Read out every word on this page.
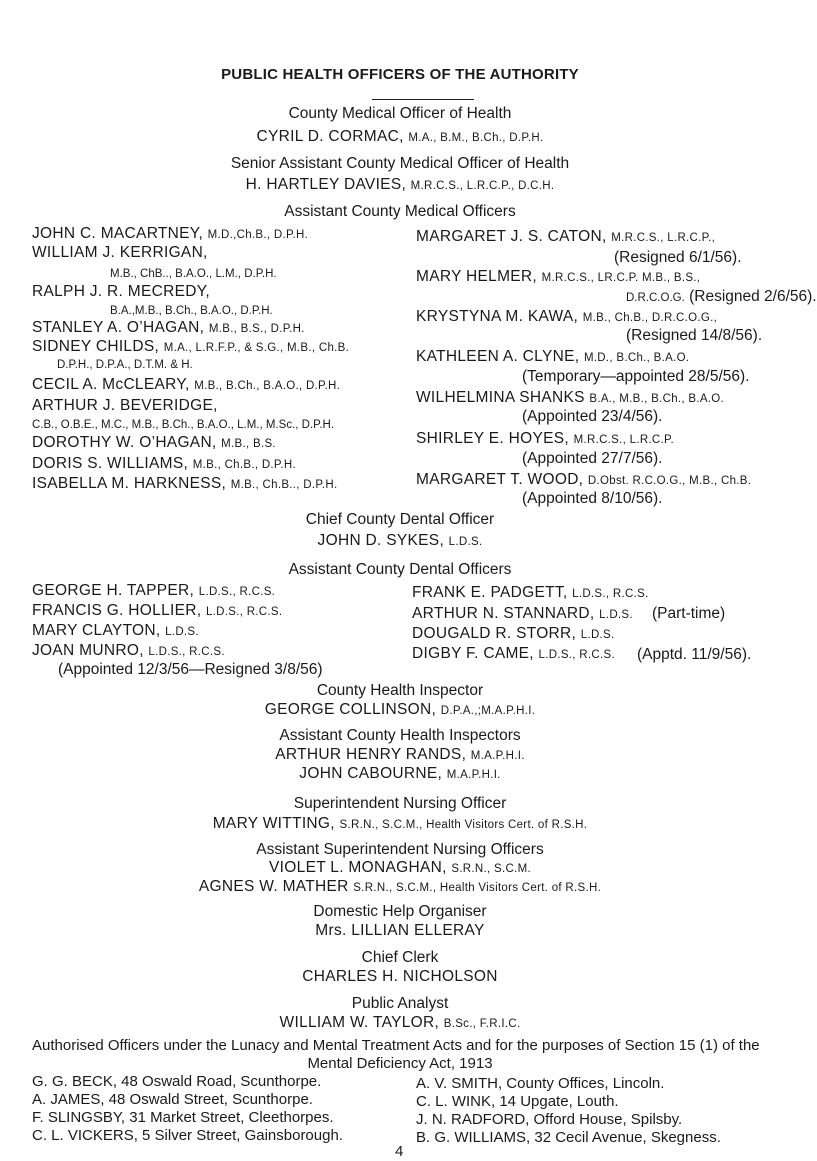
PUBLIC HEALTH OFFICERS OF THE AUTHORITY
County Medical Officer of Health
CYRIL D. CORMAC, M.A., B.M., B.Ch., D.P.H.
Senior Assistant County Medical Officer of Health
H. HARTLEY DAVIES, M.R.C.S., L.R.C.P., D.C.H.
Assistant County Medical Officers
JOHN C. MACARTNEY, M.D.,Ch.B., D.P.H.
WILLIAM J. KERRIGAN,
M.B., ChB.., B.A.O., L.M., D.P.H.
RALPH J. R. MECREDY,
B.A.,M.B., B.Ch., B.A.O., D.P.H.
STANLEY A. O’HAGAN, M.B., B.S., D.P.H.
SIDNEY CHILDS, M.A., L.R.F.P., & S.G., M.B., Ch.B.
D.P.H., D.P.A., D.T.M. & H.
CECIL A. McCLEARY, M.B., B.Ch., B.A.O., D.P.H.
ARTHUR J. BEVERIDGE,
C.B., O.B.E., M.C., M.B., B.Ch., B.A.O., L.M., M.Sc., D.P.H.
DOROTHY W. O’HAGAN, M.B., B.S.
DORIS S. WILLIAMS, M.B., Ch.B., D.P.H.
ISABELLA M. HARKNESS, M.B., Ch.B.., D.P.H.
MARGARET J. S. CATON, M.R.C.S., L.R.C.P.,
(Resigned 6/1/56).
MARY HELMER, M.R.C.S., LR.C.P. M.B., B.S.,
D.R.C.O.G. (Resigned 2/6/56).
KRYSTYNA M. KAWA, M.B., Ch.B., D.R.C.O.G.,
(Resigned 14/8/56).
KATHLEEN A. CLYNE, M.D., B.Ch., B.A.O.
(Temporary—appointed 28/5/56).
WILHELMINA SHANKS B.A., M.B., B.Ch., B.A.O.
(Appointed 23/4/56).
SHIRLEY E. HOYES, M.R.C.S., L.R.C.P.
(Appointed 27/7/56).
MARGARET T. WOOD, D.Obst. R.C.O.G., M.B., Ch.B.
(Appointed 8/10/56).
Chief County Dental Officer
JOHN D. SYKES, L.D.S.
Assistant County Dental Officers
GEORGE H. TAPPER, L.D.S., R.C.S.
FRANCIS G. HOLLIER, L.D.S., R.C.S.
MARY CLAYTON, L.D.S.
JOAN MUNRO, L.D.S., R.C.S.
(Appointed 12/3/56—Resigned 3/8/56)
FRANK E. PADGETT, L.D.S., R.C.S.
ARTHUR N. STANNARD, L.D.S. (Part-time)
DOUGALD R. STORR, L.D.S.
DIGBY F. CAME, L.D.S., R.C.S. (Apptd. 11/9/56).
County Health Inspector
GEORGE COLLINSON, D.P.A.,;M.A.P.H.I.
Assistant County Health Inspectors
ARTHUR HENRY RANDS, M.A.P.H.I.
JOHN CABOURNE, M.A.P.H.I.
Superintendent Nursing Officer
MARY WITTING, S.R.N., S.C.M., Health Visitors Cert. of R.S.H.
Assistant Superintendent Nursing Officers
VIOLET L. MONAGHAN, S.R.N., S.C.M.
AGNES W. MATHER S.R.N., S.C.M., Health Visitors Cert. of R.S.H.
Domestic Help Organiser
Mrs. LILLIAN ELLERAY
Chief Clerk
CHARLES H. NICHOLSON
Public Analyst
WILLIAM W. TAYLOR, B.Sc., F.R.I.C.
Authorised Officers under the Lunacy and Mental Treatment Acts and for the purposes of Section 15 (1) of the
Mental Deficiency Act, 1913
G. G. BECK, 48 Oswald Road, Scunthorpe.
A. JAMES, 48 Oswald Street, Scunthorpe.
F. SLINGSBY, 31 Market Street, Cleethorpes.
C. L. VICKERS, 5 Silver Street, Gainsborough.
A. V. SMITH, County Offices, Lincoln.
C. L. WINK, 14 Upgate, Louth.
J. N. RADFORD, Offord House, Spilsby.
B. G. WILLIAMS, 32 Cecil Avenue, Skegness.
4
